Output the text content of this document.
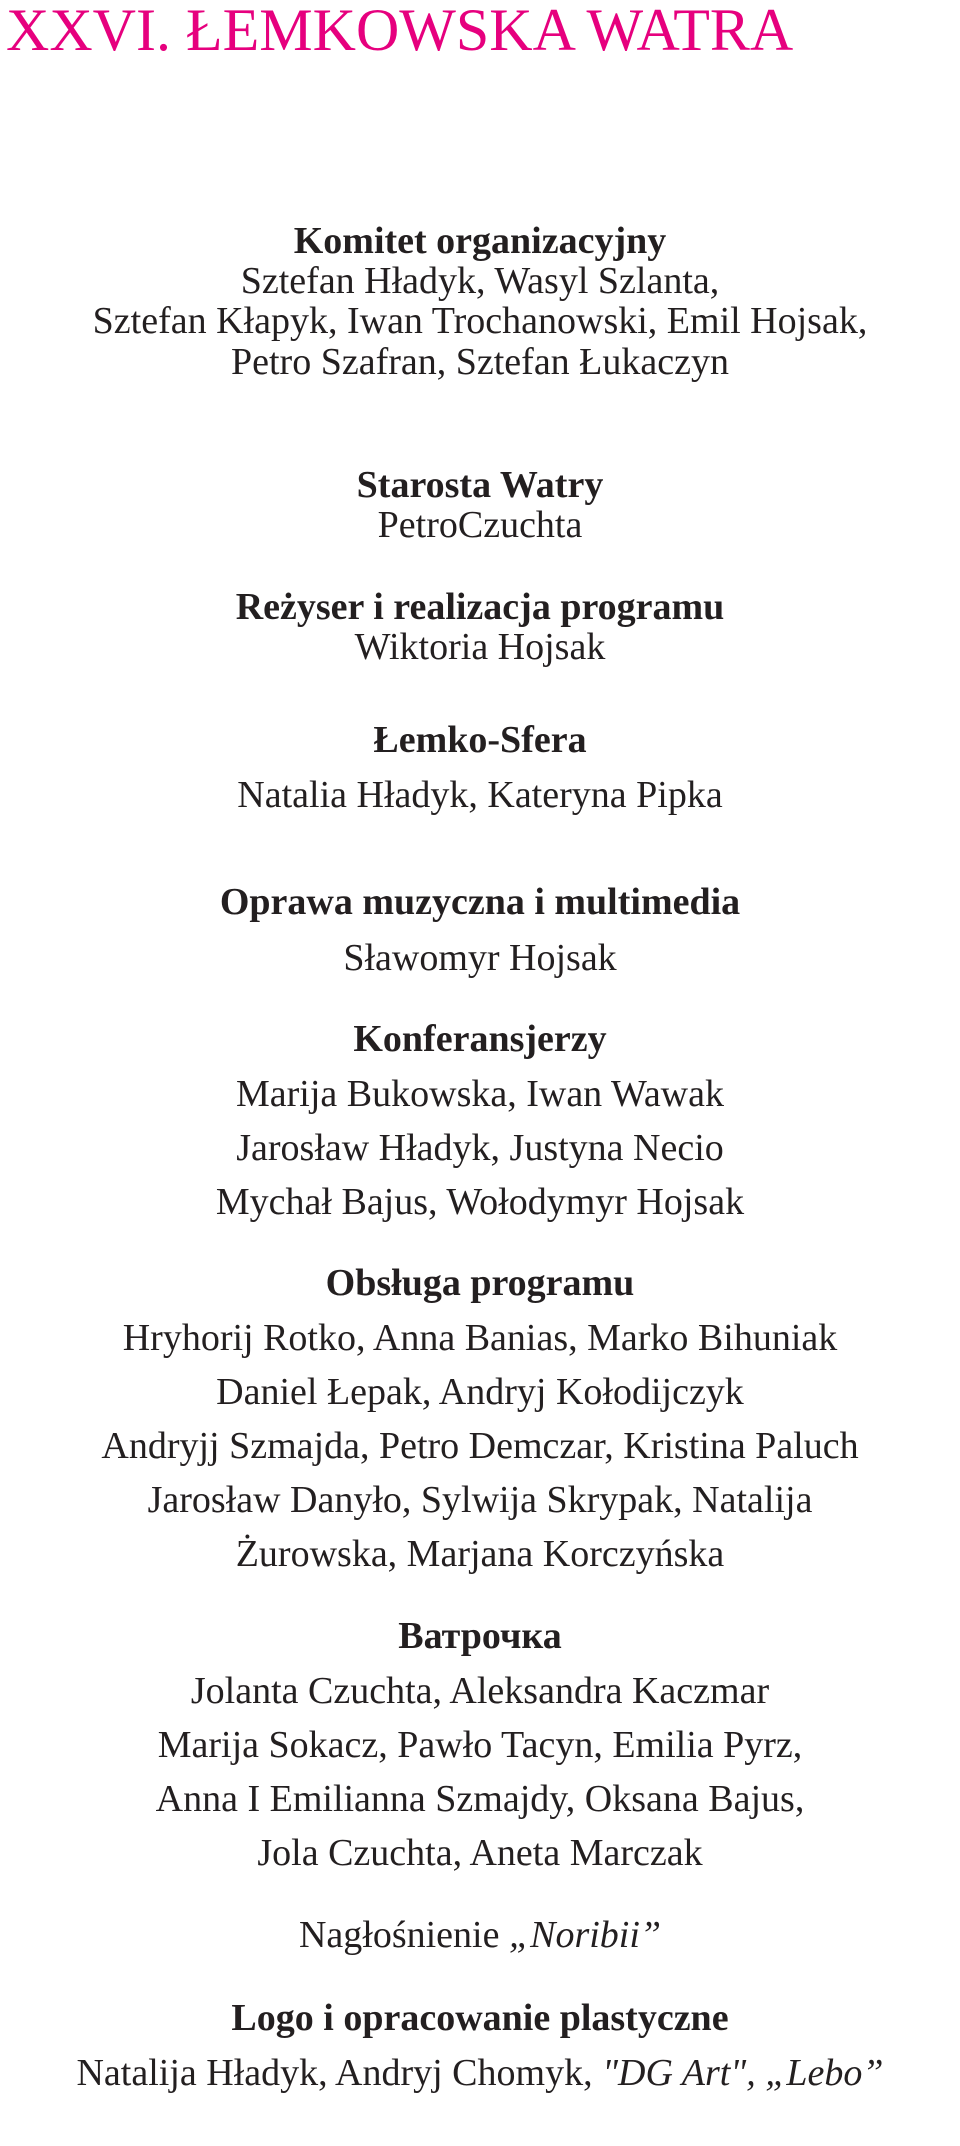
XXVI. ŁEMKOWSKA WATRA
Komitet organizacyjny
Sztefan Hładyk, Wasyl Szlanta,
Sztefan Kłapyk, Iwan Trochanowski, Emil Hojsak,
Petro Szafran, Sztefan Łukaczyn
Starosta Watry
PetroCzuchta
Reżyser i realizacja programu
Wiktoria Hojsak
Łemko-Sfera
Natalia Hładyk, Kateryna Pipka
Oprawa muzyczna i multimedia
Sławomyr Hojsak
Konferansjerzy
Marija Bukowska, Iwan Wawak
Jarosław Hładyk, Justyna Necio
Mychał Bajus, Wołodymyr Hojsak
Obsługa programu
Hryhorij Rotko, Anna Banias, Marko Bihuniak
Daniel Łepak, Andryj Kołodijczyk
Andryjj Szmajda, Petro Demczar, Kristina Paluch
Jarosław Danyło, Sylwija Skrypak, Natalija
Żurowska, Marjana Korczyńska
Ватрочка
Jolanta Czuchta, Aleksandra Kaczmar
Marija Sokacz, Pawło Tacyn, Emilia Pyrz,
Anna I Emilianna Szmajdy, Oksana Bajus,
Jola Czuchta, Aneta Marczak
Nagłośnienie „Noribii”
Logo i opracowanie plastyczne
Natalija Hładyk, Andryj Chomyk, "DG Art", „Lebo”
